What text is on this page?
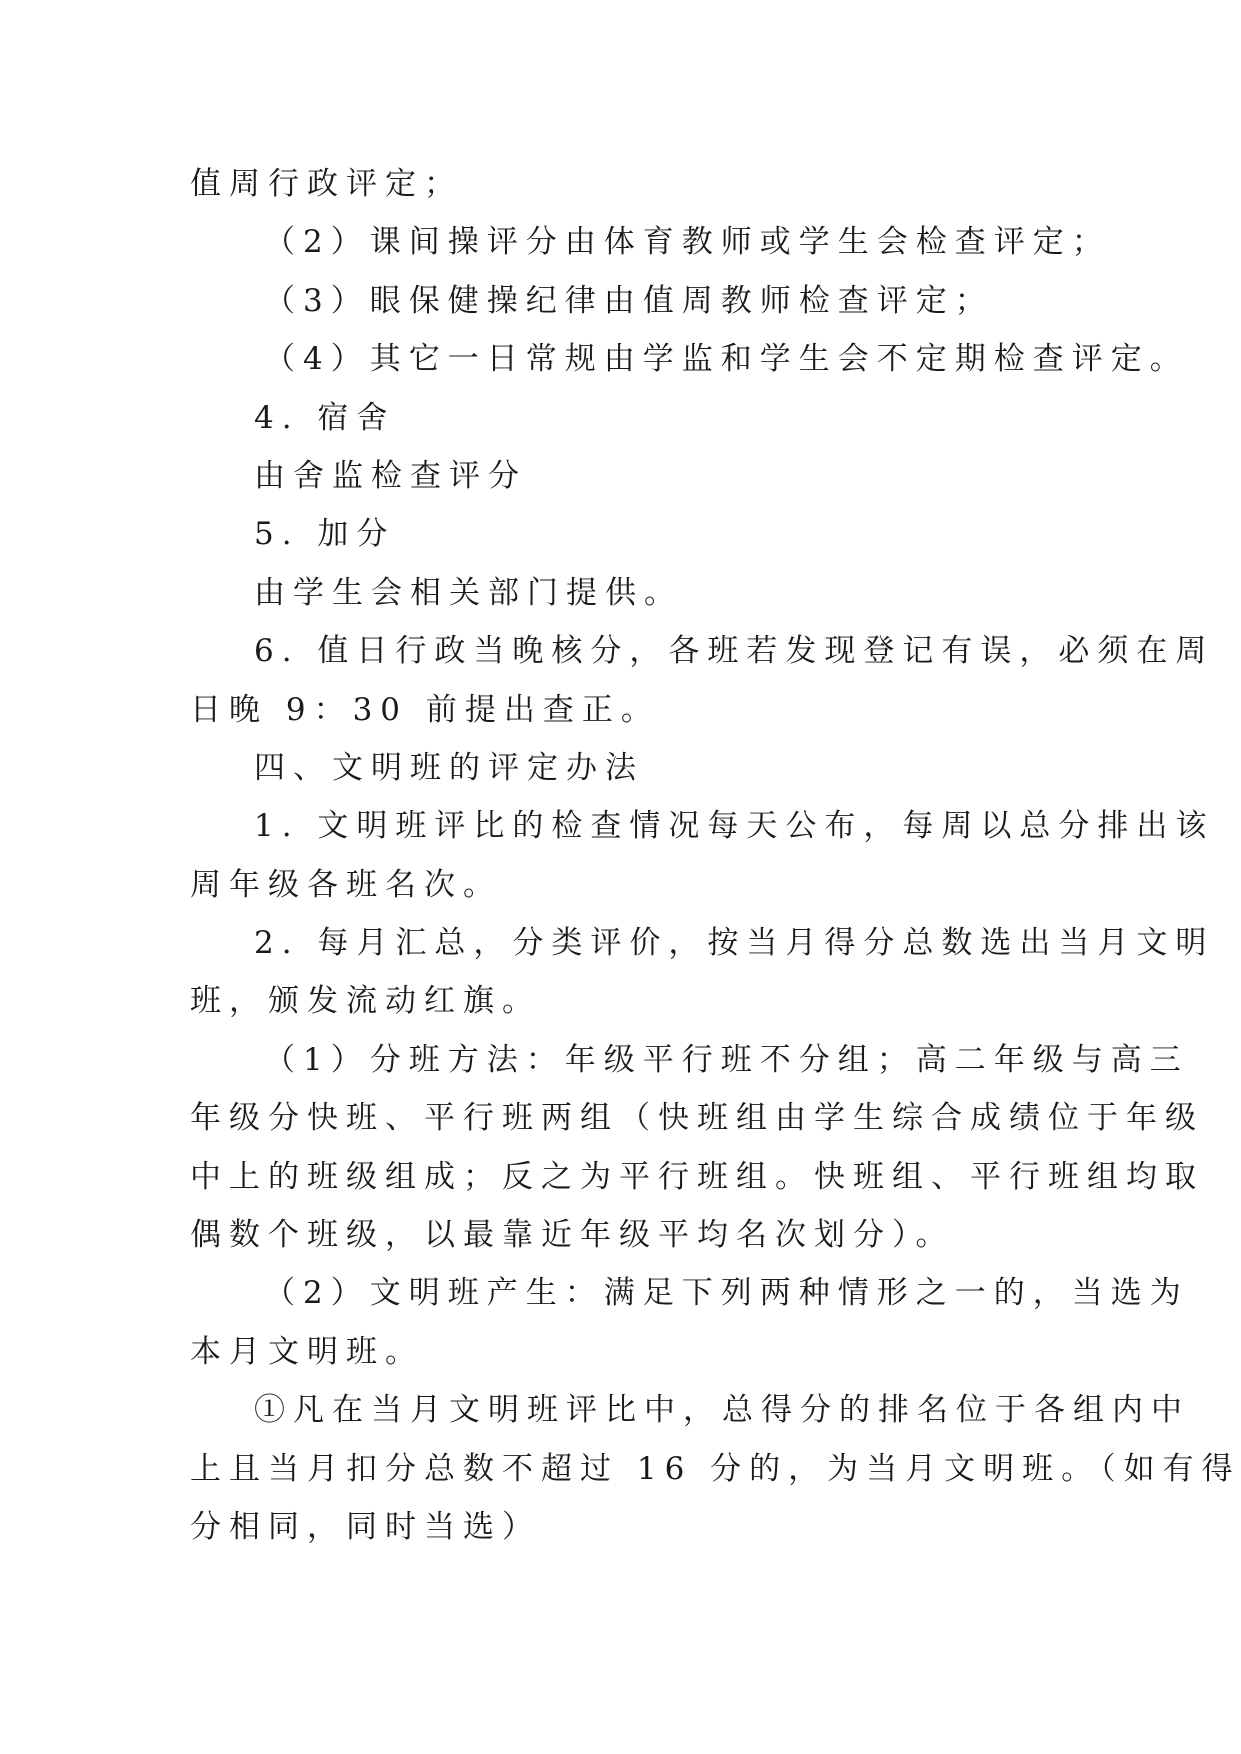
值周行政评定；
（2）课间操评分由体育教师或学生会检查评定；
（3）眼保健操纪律由值周教师检查评定；
（4）其它一日常规由学监和学生会不定期检查评定。
4. 宿舍
由舍监检查评分
5. 加分
由学生会相关部门提供。
6. 值日行政当晚核分，各班若发现登记有误，必须在周
日晚 9：30 前提出查正。
四、文明班的评定办法
1. 文明班评比的检查情况每天公布，每周以总分排出该
周年级各班名次。
2. 每月汇总，分类评价，按当月得分总数选出当月文明
班，颁发流动红旗。
（1）分班方法：年级平行班不分组；高二年级与高三
年级分快班、平行班两组（快班组由学生综合成绩位于年级
中上的班级组成；反之为平行班组。快班组、平行班组均取
偶数个班级，以最靠近年级平均名次划分）。
（2）文明班产生：满足下列两种情形之一的，当选为
本月文明班。
①凡在当月文明班评比中，总得分的排名位于各组内中
上且当月扣分总数不超过 16 分的，为当月文明班。（如有得
分相同，同时当选）
